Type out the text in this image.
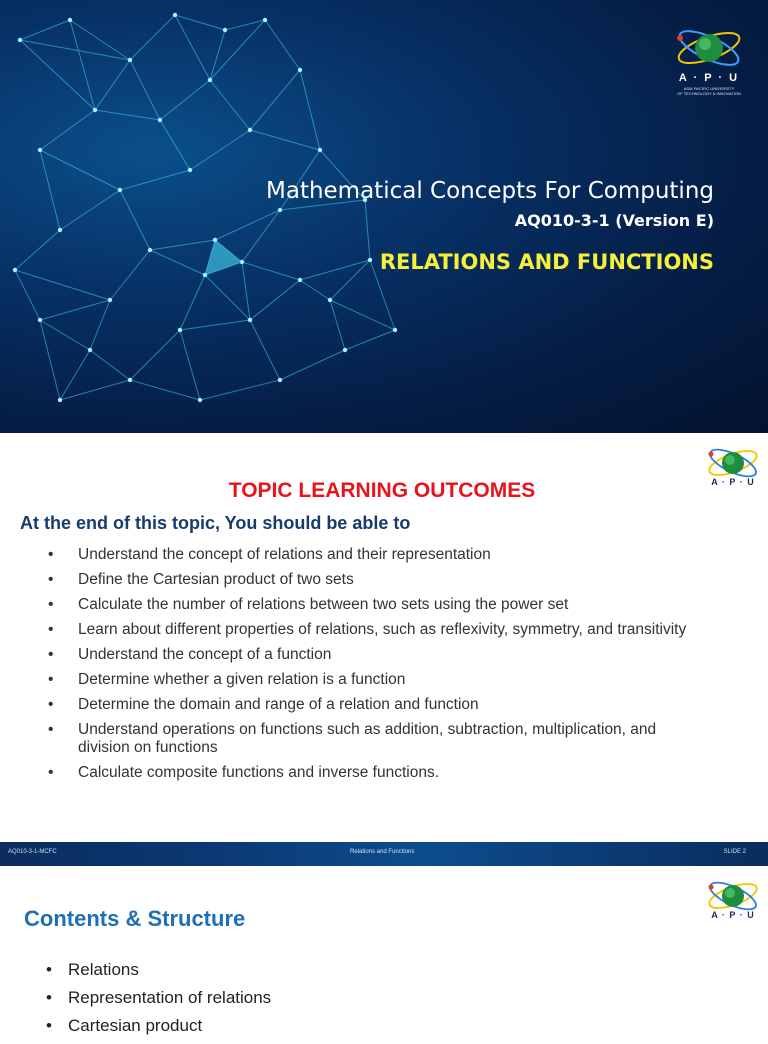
A · P · U
ASIA PACIFIC UNIVERSITY
OF TECHNOLOGY & INNOVATION
Mathematical Concepts For Computing
AQ010-3-1 (Version E)
RELATIONS AND FUNCTIONS
A · P · U
TOPIC LEARNING OUTCOMES
At the end of this topic, You should be able to
• Understand the concept of relations and their representation
• Define the Cartesian product of two sets
• Calculate the number of relations between two sets using the power set
• Learn about different properties of relations, such as reflexivity, symmetry, and transitivity
• Understand the concept of a function
• Determine whether a given relation is a function
• Determine the domain and range of a relation and function
• Understand operations on functions such as addition, subtraction, multiplication, and division on functions
• Calculate composite functions and inverse functions.
AQ010-3-1-MCFC	Relations and Functions	SLIDE 2
A · P · U
Contents & Structure
• Relations
• Representation of relations
• Cartesian product
